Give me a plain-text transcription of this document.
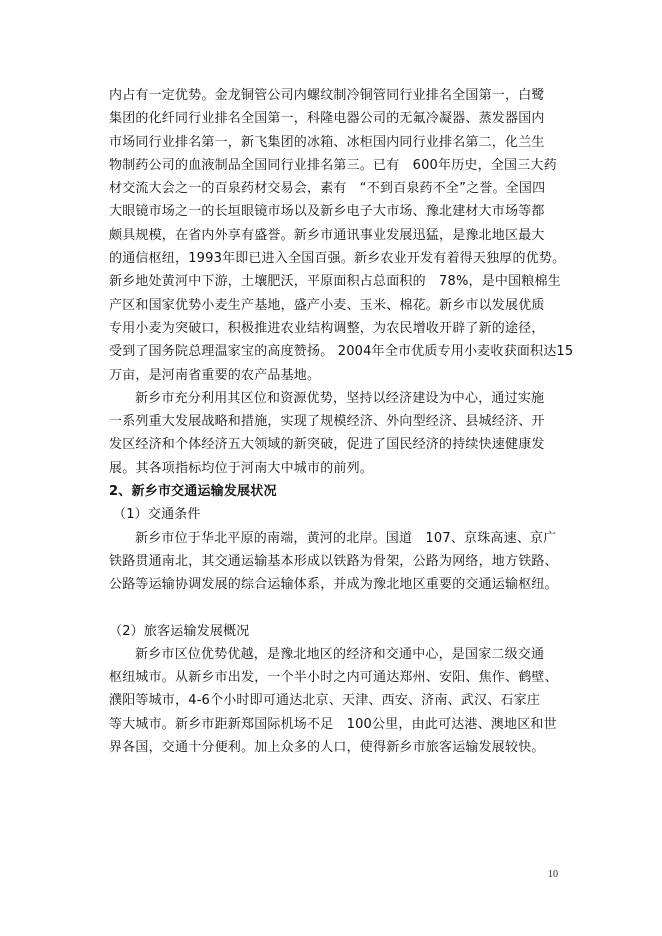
内占有一定优势。金龙铜管公司内螺纹制冷铜管同行业排名全国第一，白鹭
集团的化纤同行业排名全国第一，科隆电器公司的无氟冷凝器、蒸发器国内
市场同行业排名第一，新飞集团的冰箱、冰柜国内同行业排名第二，化兰生
物制药公司的血液制品全国同行业排名第三。已有　600年历史，全国三大药
材交流大会之一的百泉药材交易会，素有　“不到百泉药不全”之誉。全国四
大眼镜市场之一的长垣眼镜市场以及新乡电子大市场、豫北建材大市场等都
颇具规模，在省内外享有盛誉。新乡市通讯事业发展迅猛，是豫北地区最大
的通信枢纽，1993年即已进入全国百强。新乡农业开发有着得天独厚的优势。
新乡地处黄河中下游，土壤肥沃，平原面积占总面积的　78%，是中国粮棉生
产区和国家优势小麦生产基地，盛产小麦、玉米、棉花。新乡市以发展优质
专用小麦为突破口，积极推进农业结构调整，为农民增收开辟了新的途径，
受到了国务院总理温家宝的高度赞扬。 2004年全市优质专用小麦收获面积达15
万亩，是河南省重要的农产品基地。
新乡市充分利用其区位和资源优势，坚持以经济建设为中心，通过实施
一系列重大发展战略和措施，实现了规模经济、外向型经济、县城经济、开
发区经济和个体经济五大领域的新突破，促进了国民经济的持续快速健康发
展。其各项指标均位于河南大中城市的前列。
2、新乡市交通运输发展状况
（1）交通条件
新乡市位于华北平原的南端，黄河的北岸。国道　107、京珠高速、京广
铁路贯通南北，其交通运输基本形成以铁路为骨架，公路为网络，地方铁路、
公路等运输协调发展的综合运输体系，并成为豫北地区重要的交通运输枢纽。
（2）旅客运输发展概况
新乡市区位优势优越，是豫北地区的经济和交通中心，是国家二级交通
枢纽城市。从新乡市出发，一个半小时之内可通达郑州、安阳、焦作、鹤壁、
濮阳等城市，4-6个小时即可通达北京、天津、西安、济南、武汉、石家庄
等大城市。新乡市距新郑国际机场不足　100公里，由此可达港、澳地区和世
界各国，交通十分便利。加上众多的人口，使得新乡市旅客运输发展较快。
10
